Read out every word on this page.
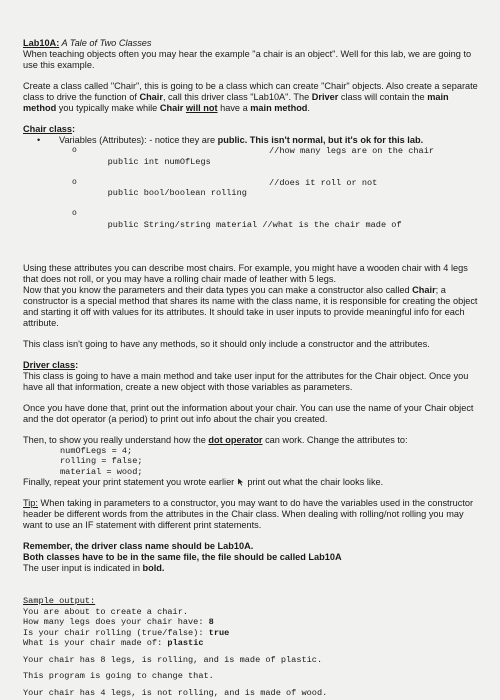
Lab10A: A Tale of Two Classes

When teaching objects often you may hear the example "a chair is an object". Well for this lab, we are going to use this example.

Create a class called "Chair", this is going to be a class which can create "Chair" objects. Also create a separate class to drive the function of Chair, call this driver class "Lab10A". The Driver class will contain the main method you typically make while Chair will not have a main method.

Chair class:

• Variables (Attributes): - notice they are public. This isn't normal, but it's ok for this lab.

o
public int numOfLegs
//how many legs are on the chair

o
public bool/boolean rolling
//does it roll or not

o
public String/string material //what is the chair made of

Using these attributes you can describe most chairs. For example, you might have a wooden chair with 4 legs that does not roll, or you may have a rolling chair made of leather with 5 legs.

Now that you know the parameters and their data types you can make a constructor also called Chair; a constructor is a special method that shares its name with the class name, it is responsible for creating the object and starting it off with values for its attributes. It should take in user inputs to provide meaningful info for each attribute.

This class isn't going to have any methods, so it should only include a constructor and the attributes.

Driver class:

This class is going to have a main method and take user input for the attributes for the Chair object. Once you have all that information, create a new object with those variables as parameters.

Once you have done that, print out the information about your chair. You can use the name of your Chair object and the dot operator (a period) to print out info about the chair you created.

Then, to show you really understand how the dot operator can work. Change the attributes to:

numOfLegs = 4;
rolling = false;
material = wood;

Finally, repeat your print statement you wrote earlier  print out what the chair looks like.

Tip: When taking in parameters to a constructor, you may want to do have the variables used in the constructor header be different words from the attributes in the Chair class. When dealing with rolling/not rolling you may want to use an IF statement with different print statements.

Remember, the driver class name should be Lab10A.

Both classes have to be in the same file, the file should be called Lab10A

The user input is indicated in bold.

Sample output:
You are about to create a chair.
How many legs does your chair have: 8
Is your chair rolling (true/false): true
What is your chair made of: plastic
Your chair has 8 legs, is rolling, and is made of plastic.
This program is going to change that.
Your chair has 4 legs, is not rolling, and is made of wood.
